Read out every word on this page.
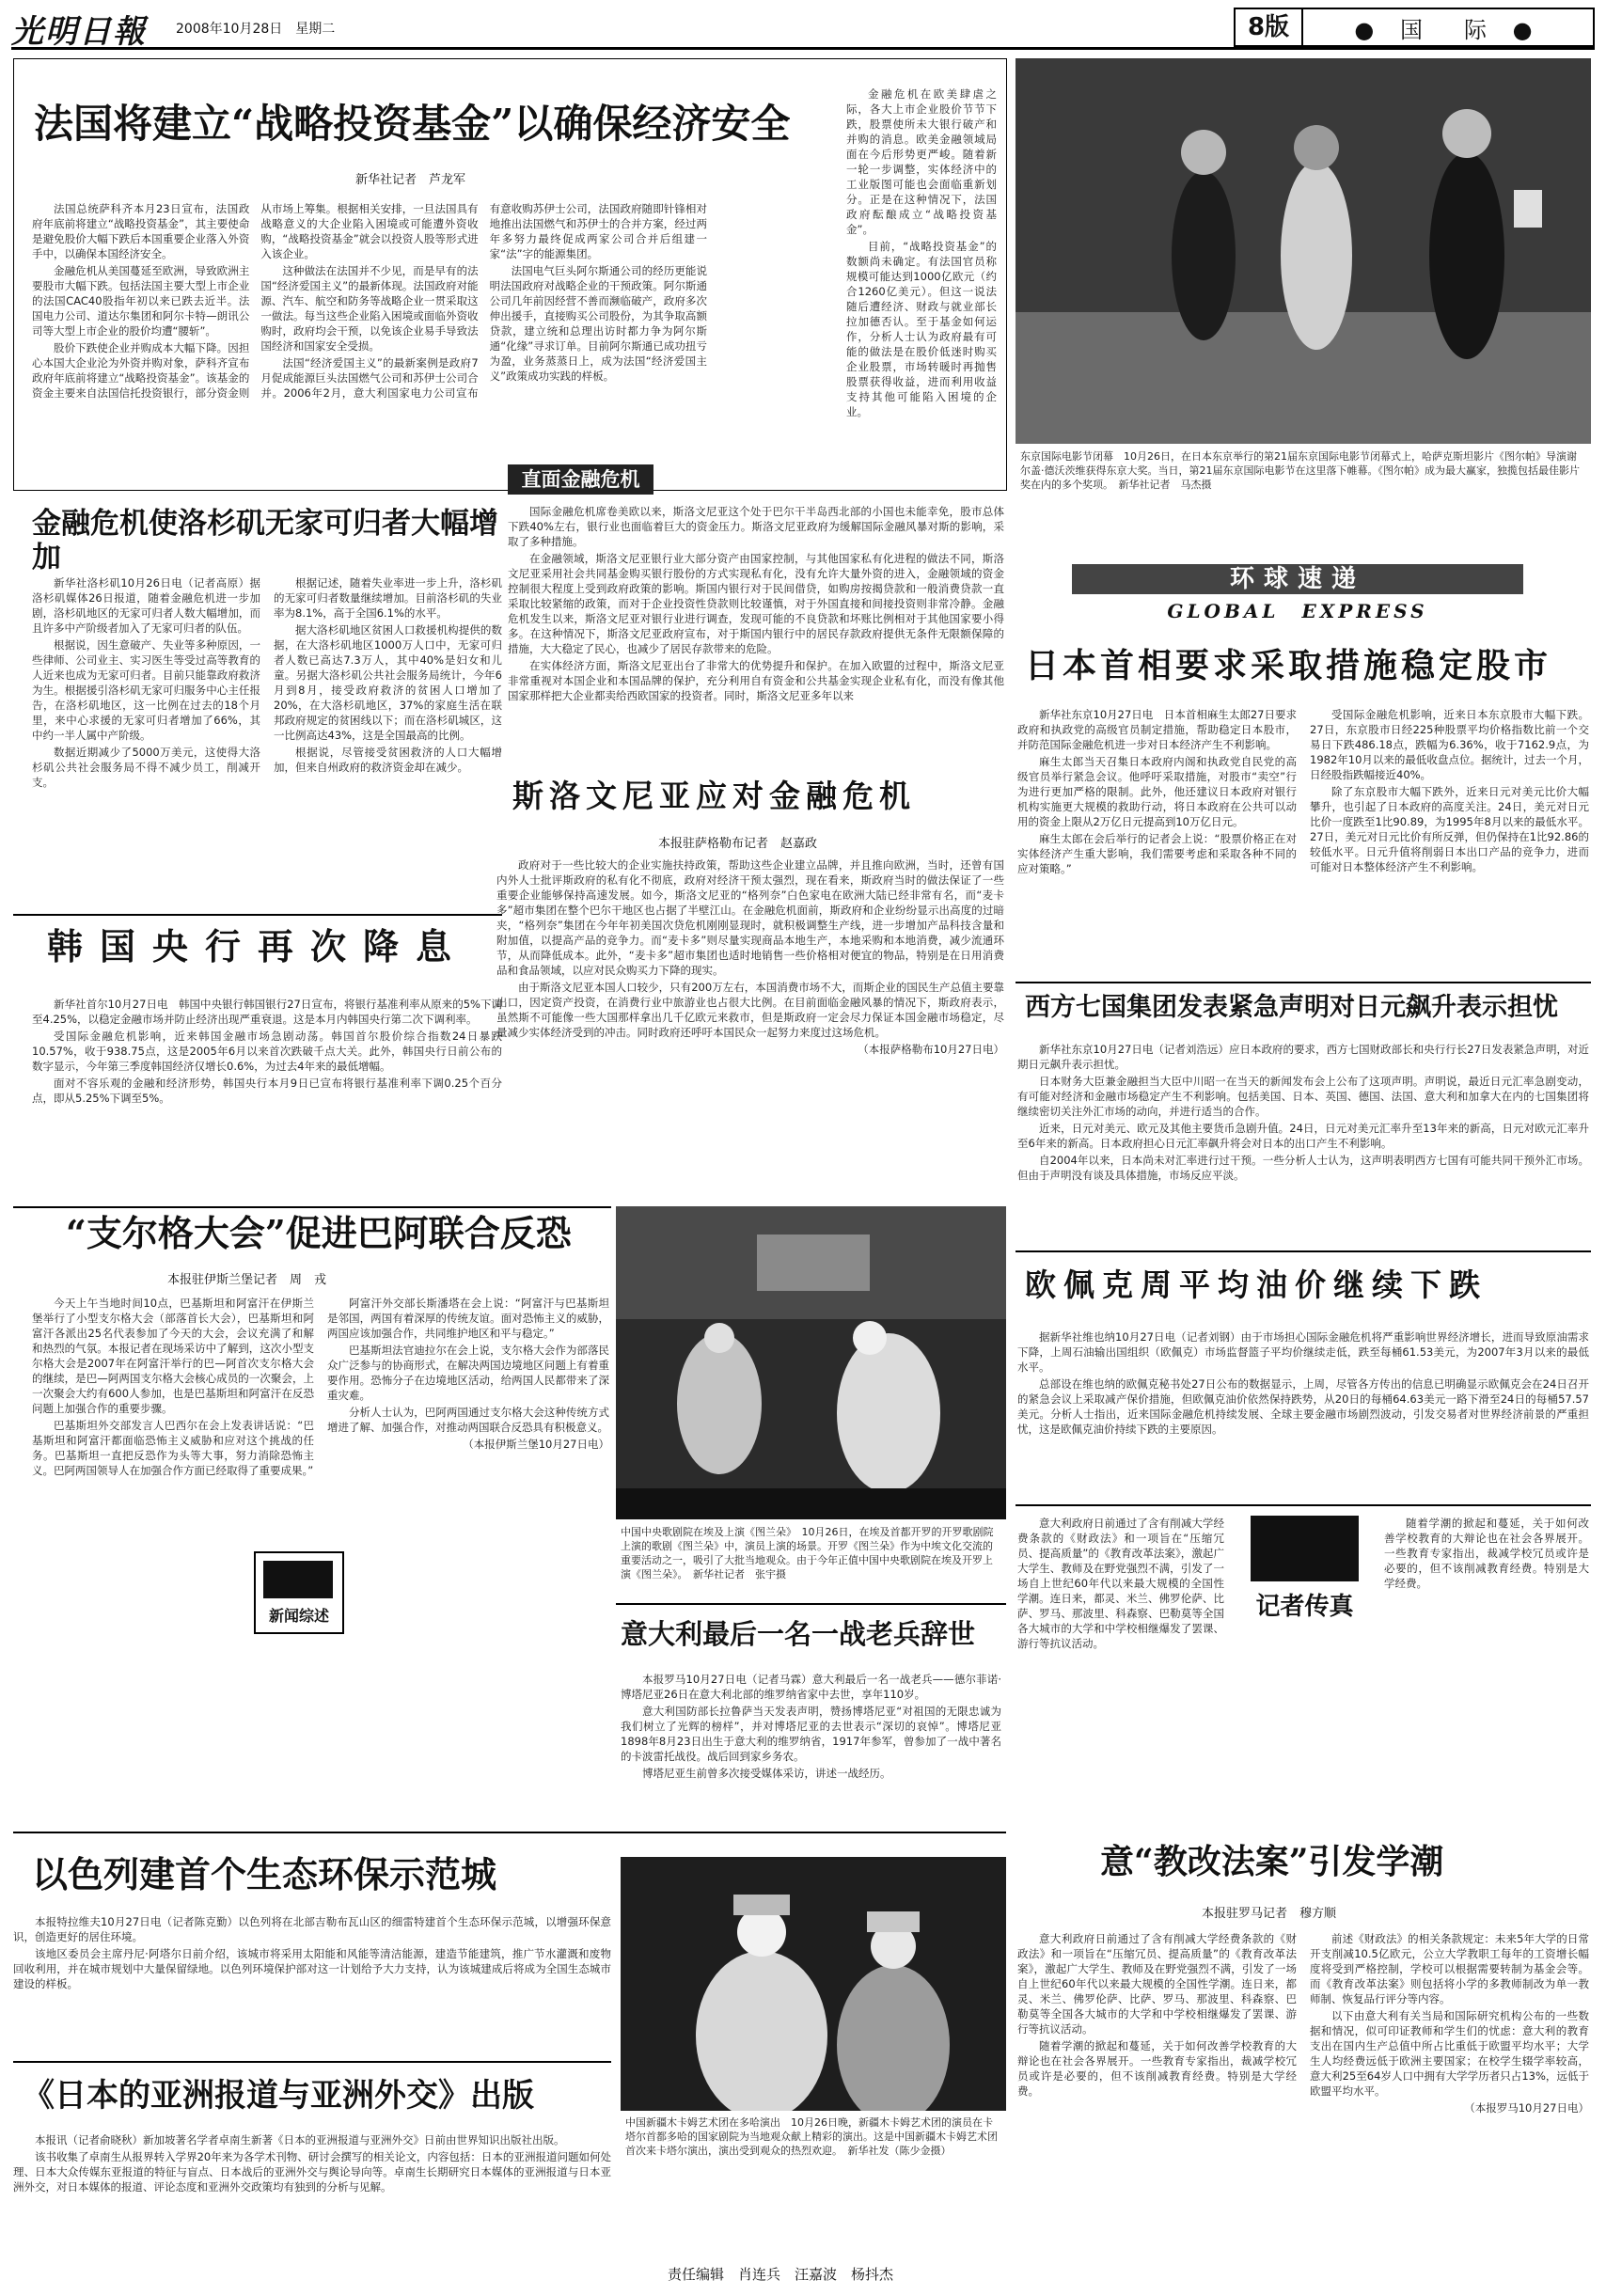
光明日報 2008年10月28日　星期二	8版	● 国　际 ●
法国将建立“战略投资基金”以确保经济安全
新华社记者　芦龙军

法国总统萨科齐本月23日宣布，法国政府年底前将建立“战略投资基金”，其主要使命是避免股价大幅下跌后本国重要企业落入外资手中，以确保本国经济安全。

金融危机从美国蔓延至欧洲，导致欧洲主要股市大幅下跌。包括法国主要大型上市企业的法国CAC40股指年初以来已跌去近半。法国电力公司、道达尔集团和阿尔卡特—朗讯公司等大型上市企业的股价均遭“腰斩”。

股价下跌使企业并购成本大幅下降。因担心本国大企业沦为外资并购对象，萨科齐宣布政府年底前将建立“战略投资基金”。该基金的资金主要来自法国信托投资银行，部分资金则从市场上筹集。根据相关安排，一旦法国具有战略意义的大企业陷入困境或可能遭外资收购，“战略投资基金”就会以投资人股等形式进入该企业。

这种做法在法国并不少见，而是早有的法国“经济爱国主义”的最新体现。法国政府对能源、汽车、航空和防务等战略企业一贯采取这一做法。每当这些企业陷入困境或面临外资收购时，政府均会干预，以免该企业易手导致法国经济和国家安全受损。

法国“经济爱国主义”的最新案例是政府7月促成能源巨头法国燃气公司和苏伊士公司合并。2006年2月，意大利国家电力公司宣布有意收购苏伊士公司，法国政府随即针锋相对地推出法国燃气和苏伊士的合并方案，经过两年多努力最终促成两家公司合并后组建一家“法”字的能源集团。

法国电气巨头阿尔斯通公司的经历更能说明法国政府对战略企业的干预政策。阿尔斯通公司几年前因经营不善而濒临破产，政府多次伸出援手，直接购买公司股份，为其争取高额贷款，建立统和总理出访时都力争为阿尔斯通“化缘”寻求订单。目前阿尔斯通已成功扭亏为盈，业务蒸蒸日上，成为法国“经济爱国主义”政策成功实践的样板。

金融危机在欧美肆虐之际，各大上市企业股价节节下跌，股票使所未大银行破产和并购的消息。欧美金融领域局面在今后形势更严峻。随着新一轮一步调整，实体经济中的工业版图可能也会面临重新划分。正是在这种情况下，法国政府酝酿成立“战略投资基金”。

目前，“战略投资基金”的数额尚未确定。有法国官员称规模可能达到1000亿欧元（约合1260亿美元）。但这一说法随后遭经济、财政与就业部长拉加德否认。至于基金如何运作，分析人士认为政府最有可能的做法是在股价低迷时购买企业股票，市场转暖时再抛售股票获得收益，进而利用收益支持其他可能陷入困境的企业。

东京国际电影节闭幕　10月26日，在日本东京举行的第21届东京国际电影节闭幕式上，哈萨克斯坦影片《图尔帕》导演谢尔盖·德沃茨维获得东京大奖。当日，第21届东京国际电影节在这里落下帷幕。《图尔帕》成为最大赢家，独揽包括最佳影片奖在内的多个奖项。　 新华社记者　马杰摄
金融危机使洛杉矶无家可归者大幅增加

新华社洛杉矶10月26日电（记者高原）据洛杉矶媒体26日报道，随着金融危机进一步加剧，洛杉矶地区的无家可归者人数大幅增加，而且许多中产阶级者加入了无家可归者的队伍。

根据说，因生意破产、失业等多种原因，一些律师、公司业主、实习医生等受过高等教育的人近来也成为无家可归者。目前只能靠政府救济为生。根据援引洛杉矶无家可归服务中心主任报告，在洛杉矶地区，这一比例在过去的18个月里，来中心求援的无家可归者增加了66%，其中约一半人属中产阶级。

数据近期减少了5000万美元，这使得大洛杉矶公共社会服务局不得不减少员工，削减开支。

根据记述，随着失业率进一步上升，洛杉矶的无家可归者数量继续增加。目前洛杉矶的失业率为8.1%，高于全国6.1%的水平。

据大洛杉矶地区贫困人口救援机构提供的数据，在大洛杉矶地区1000万人口中，无家可归者人数已高达7.3万人，其中40%是妇女和儿童。另据大洛杉矶公共社会服务局统计，今年6月到8月，接受政府救济的贫困人口增加了20%，在大洛杉矶地区，37%的家庭生活在联邦政府规定的贫困线以下；而在洛杉矶城区，这一比例高达43%，这是全国最高的比例。

根据说，尽管接受贫困救济的人口大幅增加，但来自州政府的救济资金却在减少。

韩国央行再次降息

新华社首尔10月27日电　韩国中央银行韩国银行27日宣布，将银行基准利率从原来的5%下调至4.25%，以稳定金融市场并防止经济出现严重衰退。这是本月内韩国央行第二次下调利率。

受国际金融危机影响，近来韩国金融市场急剧动荡。韩国首尔股价综合指数24日暴跌10.57%，收于938.75点，这是2005年6月以来首次跌破千点大关。此外，韩国央行日前公布的数字显示，今年第三季度韩国经济仅增长0.6%，为过去4年来的最低增幅。

面对不容乐观的金融和经济形势，韩国央行本月9日已宣布将银行基准利率下调0.25个百分点，即从5.25%下调至5%。

直面金融危机

国际金融危机席卷美欧以来，斯洛文尼亚这个处于巴尔干半岛西北部的小国也未能幸免，股市总体下跌40%左右，银行业也面临着巨大的资金压力。斯洛文尼亚政府为缓解国际金融风暴对斯的影响，采取了多种措施。

在金融领域，斯洛文尼亚银行业大部分资产由国家控制，与其他国家私有化进程的做法不同，斯洛文尼亚采用社会共同基金购买银行股份的方式实现私有化，没有允许大量外资的进入，金融领域的资金控制很大程度上受到政府政策的影响。斯国内银行对于民间借贷，如购房按揭贷款和一般消费贷款一直采取比较紧缩的政策，而对于企业投资性贷款则比较谨慎，对于外国直接和间接投资则非常冷静。金融危机发生以来，斯洛文尼亚对银行业进行调查，发现可能的不良贷款和坏账比例相对于其他国家要小得多。在这种情况下，斯洛文尼亚政府宣布，对于斯国内银行中的居民存款政府提供无条件无限额保障的措施，大大稳定了民心，也减少了居民存款带来的危险。

在实体经济方面，斯洛文尼亚出台了非常大的优势提升和保护。在加入欧盟的过程中，斯洛文尼亚非常重视对本国企业和本国品牌的保护，充分利用自有资金和公共基金实现企业私有化，而没有像其他国家那样把大企业都卖给西欧国家的投资者。同时，斯洛文尼亚多年以来

斯洛文尼亚应对金融危机
本报驻萨格勒布记者　赵嘉政

政府对于一些比较大的企业实施扶持政策，帮助这些企业建立品牌，并且推向欧洲，当时，还曾有国内外人士批评斯政府的私有化不彻底，政府对经济干预太强烈，现在看来，斯政府当时的做法保证了一些重要企业能够保持高速发展。如今，斯洛文尼亚的“格列奈”白色家电在欧洲大陆已经非常有名，而“麦卡多”超市集团在整个巴尔干地区也占据了半壁江山。在金融危机面前，斯政府和企业纷纷显示出高度的过暗夹，“格列奈”集团在今年年初美国次贷危机刚刚显现时，就积极调整生产线，进一步增加产品科技含量和附加值，以提高产品的竞争力。而“麦卡多”则尽量实现商品本地生产，本地采购和本地消费，减少流通环节，从而降低成本。此外，“麦卡多”超市集团也适时地销售一些价格相对便宜的物品，特别是在日用消费品和食品领域，以应对民众购买力下降的现实。

由于斯洛文尼亚本国人口较少，只有200万左右，本国消费市场不大，而斯企业的国民生产总值主要靠出口，因定资产投资，在消费行业中旅游业也占很大比例。在目前面临金融风暴的情况下，斯政府表示，虽然斯不可能像一些大国那样拿出几千亿欧元来救市，但是斯政府一定会尽力保证本国金融市场稳定，尽量减少实体经济受到的冲击。同时政府还呼吁本国民众一起努力来度过这场危机。

（本报萨格勒布10月27日电）

环球速递
GLOBAL　EXPRESS
日本首相要求采取措施稳定股市

新华社东京10月27日电　日本首相麻生太郎27日要求政府和执政党的高级官员制定措施，帮助稳定日本股市，并防范国际金融危机进一步对日本经济产生不利影响。

麻生太郎当天召集日本政府内阁和执政党自民党的高级官员举行紧急会议。他呼吁采取措施，对股市“卖空”行为进行更加严格的限制。此外，他还建议日本政府对银行机构实施更大规模的救助行动，将日本政府在公共可以动用的资金上限从2万亿日元提高到10万亿日元。

麻生太郎在会后举行的记者会上说：“股票价格正在对实体经济产生重大影响，我们需要考虑和采取各种不同的应对策略。”

受国际金融危机影响，近来日本东京股市大幅下跌。27日，东京股市日经225种股票平均价格指数比前一个交易日下跌486.18点，跌幅为6.36%，收于7162.9点，为1982年10月以来的最低收盘点位。据统计，过去一个月，日经股指跌幅接近40%。

除了东京股市大幅下跌外，近来日元对美元比价大幅攀升，也引起了日本政府的高度关注。24日，美元对日元比价一度跌至1比90.89，为1995年8月以来的最低水平。27日，美元对日元比价有所反弹，但仍保持在1比92.86的较低水平。日元升值将削弱日本出口产品的竞争力，进而可能对日本整体经济产生不利影响。

西方七国集团发表紧急声明对日元飙升表示担忧

新华社东京10月27日电（记者刘浩远）应日本政府的要求，西方七国财政部长和央行行长27日发表紧急声明，对近期日元飙升表示担忧。

日本财务大臣兼金融担当大臣中川昭一在当天的新闻发布会上公布了这项声明。声明说，最近日元汇率急剧变动，有可能对经济和金融市场稳定产生不利影响。包括美国、日本、英国、德国、法国、意大利和加拿大在内的七国集团将继续密切关注外汇市场的动向，并进行适当的合作。

近来，日元对美元、欧元及其他主要货币急剧升值。24日，日元对美元汇率升至13年来的新高，日元对欧元汇率升至6年来的新高。日本政府担心日元汇率飙升将会对日本的出口产生不利影响。

自2004年以来，日本尚未对汇率进行过干预。一些分析人士认为，这声明表明西方七国有可能共同干预外汇市场。但由于声明没有谈及具体措施，市场反应平淡。

欧佩克周平均油价继续下跌

据新华社维也纳10月27日电（记者刘钢）由于市场担心国际金融危机将严重影响世界经济增长，进而导致原油需求下降，上周石油输出国组织（欧佩克）市场监督篮子平均价继续走低，跌至每桶61.53美元，为2007年3月以来的最低水平。

总部设在维也纳的欧佩克秘书处27日公布的数据显示，上周，尽管各方传出的信息已明确显示欧佩克会在24日召开的紧急会议上采取减产保价措施，但欧佩克油价依然保持跌势，从20日的每桶64.63美元一路下滑至24日的每桶57.57美元。分析人士指出，近来国际金融危机持续发展、全球主要金融市场剧烈波动，引发交易者对世界经济前景的严重担忧，这是欧佩克油价持续下跌的主要原因。

“支尔格大会”促进巴阿联合反恐
本报驻伊斯兰堡记者　周　戎
新闻综述

今天上午当地时间10点，巴基斯坦和阿富汗在伊斯兰堡举行了小型支尔格大会（部落首长大会），巴基斯坦和阿富汗各派出25名代表参加了今天的大会，会议充满了和解和热烈的气氛。本报记者在现场采访中了解到，这次小型支尔格大会是2007年在阿富汗举行的巴—阿首次支尔格大会的继续，是巴—阿两国支尔格大会核心成员的一次聚会，上一次聚会大约有600人参加，也是巴基斯坦和阿富汗在反恐问题上加强合作的重要步骤。

巴基斯坦外交部发言人巴西尔在会上发表讲话说：“巴基斯坦和阿富汗都面临恐怖主义威胁和应对这个挑战的任务。巴基斯坦一直把反恐作为头等大事，努力消除恐怖主义。巴阿两国领导人在加强合作方面已经取得了重要成果。”

阿富汗外交部长斯潘塔在会上说：“阿富汗与巴基斯坦是邻国，两国有着深厚的传统友谊。面对恐怖主义的威胁，两国应该加强合作，共同维护地区和平与稳定。”

巴基斯坦法官迪拉尔在会上说，支尔格大会作为部落民众广泛参与的协商形式，在解决两国边境地区问题上有着重要作用。恐怖分子在边境地区活动，给两国人民都带来了深重灾难。

分析人士认为，巴阿两国通过支尔格大会这种传统方式增进了解、加强合作，对推动两国联合反恐具有积极意义。

（本报伊斯兰堡10月27日电）

中国中央歌剧院在埃及上演《图兰朵》　10月26日，在埃及首都开罗的开罗歌剧院上演的歌剧《图兰朵》中，演员上演的场景。开罗《图兰朵》作为中埃文化交流的重要活动之一，吸引了大批当地观众。由于今年正值中国中央歌剧院在埃及开罗上演《图兰朵》。　 新华社记者　张宇摄
意大利最后一名一战老兵辞世

本报罗马10月27日电（记者马霖）意大利最后一名一战老兵——德尔菲诺·博塔尼亚26日在意大利北部的维罗纳省家中去世，享年110岁。

意大利国防部长拉鲁萨当天发表声明，赞扬博塔尼亚“对祖国的无限忠诚为我们树立了光辉的榜样”，并对博塔尼亚的去世表示“深切的哀悼”。博塔尼亚1898年8月23日出生于意大利的维罗纳省，1917年参军，曾参加了一战中著名的卡波雷托战役。战后回到家乡务农。

博塔尼亚生前曾多次接受媒体采访，讲述一战经历。

以色列建首个生态环保示范城

本报特拉维夫10月27日电（记者陈克勤）以色列将在北部吉勒布瓦山区的细雷特建首个生态环保示范城，以增强环保意识，创造更好的居住环境。

该地区委员会主席丹尼·阿塔尔日前介绍，该城市将采用太阳能和风能等清洁能源，建造节能建筑，推广节水灌溉和废物回收利用，并在城市规划中大量保留绿地。以色列环境保护部对这一计划给予大力支持，认为该城建成后将成为全国生态城市建设的样板。

《日本的亚洲报道与亚洲外交》出版

本报讯（记者俞晓秋）新加坡著名学者卓南生新著《日本的亚洲报道与亚洲外交》日前由世界知识出版社出版。

该书收集了卓南生从报界转入学界20年来为各学术刊物、研讨会撰写的相关论文，内容包括：日本的亚洲报道问题如何处理、日本大众传媒东亚报道的特征与盲点、日本战后的亚洲外交与舆论导向等。卓南生长期研究日本媒体的亚洲报道与日本亚洲外交，对日本媒体的报道、评论态度和亚洲外交政策均有独到的分析与见解。

中国新疆木卡姆艺术团在多哈演出　10月26日晚，新疆木卡姆艺术团的演员在卡塔尔首都多哈的国家剧院为当地观众献上精彩的演出。这是中国新疆木卡姆艺术团首次来卡塔尔演出，演出受到观众的热烈欢迎。　 新华社发（陈少金摄）
记者传真
意“教改法案”引发学潮
本报驻罗马记者　穆方顺

意大利政府日前通过了含有削减大学经费条款的《财政法》和一项旨在“压缩冗员、提高质量”的《教育改革法案》，激起广大学生、教师及在野党强烈不满，引发了一场自上世纪60年代以来最大规模的全国性学潮。连日来，都灵、米兰、佛罗伦萨、比萨、罗马、那波里、科森察、巴勒莫等全国各大城市的大学和中学校相继爆发了罢课、游行等抗议活动。

随着学潮的掀起和蔓延，关于如何改善学校教育的大辩论也在社会各界展开。一些教育专家指出，裁减学校冗员或许是必要的，但不该削减教育经费。特别是大学经费。

前述《财政法》的相关条款规定：未来5年大学的日常开支削减10.5亿欧元，公立大学教职工每年的工资增长幅度将受到严格控制，学校可以根据需要转制为基金会等。而《教育改革法案》则包括将小学的多教师制改为单一教师制、恢复品行评分等内容。

以下由意大利有关当局和国际研究机构公布的一些数据和情况，似可印证教师和学生们的忧虑：意大利的教育支出在国内生产总值中所占比重低于欧盟平均水平；大学生人均经费远低于欧洲主要国家；在校学生辍学率较高，意大利25至64岁人口中拥有大学学历者只占13%，远低于欧盟平均水平。

（本报罗马10月27日电）

意大利政府日前通过了含有削减大学经费条款的《财政法》和一项旨在“压缩冗员、提高质量”的《教育改革法案》，激起广大学生、教师及在野党强烈不满，引发了一场自上世纪60年代以来最大规模的全国性学潮。连日来，都灵、米兰、佛罗伦萨、比萨、罗马、那波里、科森察、巴勒莫等全国各大城市的大学和中学校相继爆发了罢课、游行等抗议活动。

随着学潮的掀起和蔓延，关于如何改善学校教育的大辩论也在社会各界展开。一些教育专家指出，裁减学校冗员或许是必要的，但不该削减教育经费。特别是大学经费。

责任编辑　 肖连兵　汪嘉波　杨抖杰
